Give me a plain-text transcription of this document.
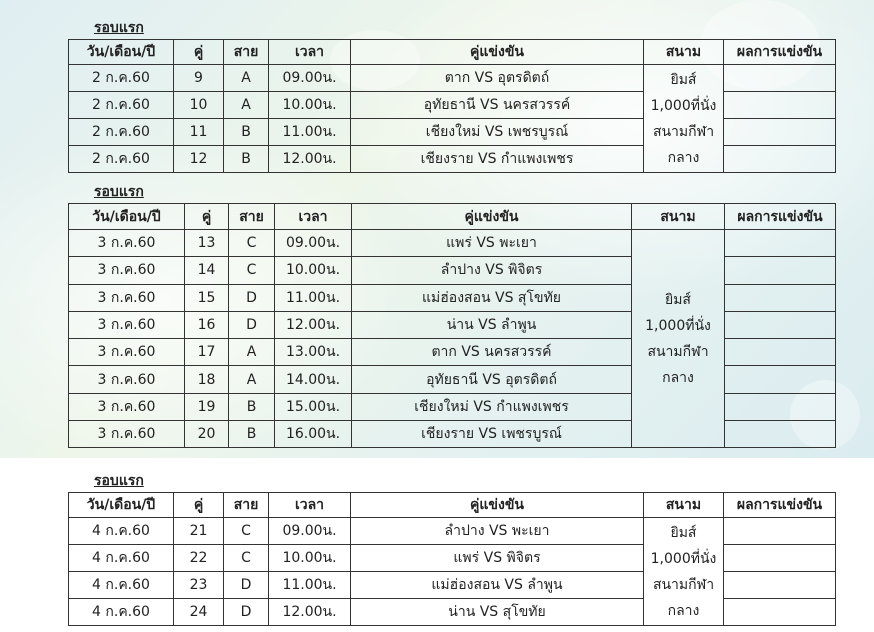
รอบแรก
วัน/เดือน/ปี	คู่	สาย	เวลา	คู่แข่งขัน	สนาม	ผลการแข่งขัน
2 ก.ค.60	9	A	09.00น.	ตาก VS อุตรดิตถ์	ยิมส์
1,000ที่นั่ง
สนามกีฬา
กลาง	

2 ก.ค.60	10	A	10.00น.	อุทัยธานี VS นครสวรรค์		
2 ก.ค.60	11	B	11.00น.	เชียงใหม่ VS เพชรบูรณ์		
2 ก.ค.60	12	B	12.00น.	เชียงราย VS กำแพงเพชร		
รอบแรก
วัน/เดือน/ปี	คู่	สาย	เวลา	คู่แข่งขัน	สนาม	ผลการแข่งขัน
3 ก.ค.60	13	C	09.00น.	แพร่ VS พะเยา	ยิมส์
1,000ที่นั่ง
สนามกีฬา
กลาง	

3 ก.ค.60	14	C	10.00น.	ลำปาง VS พิจิตร		
3 ก.ค.60	15	D	11.00น.	แม่ฮ่องสอน VS สุโขทัย		
3 ก.ค.60	16	D	12.00น.	น่าน VS ลำพูน		
3 ก.ค.60	17	A	13.00น.	ตาก VS นครสวรรค์		
3 ก.ค.60	18	A	14.00น.	อุทัยธานี VS อุตรดิตถ์		
3 ก.ค.60	19	B	15.00น.	เชียงใหม่ VS กำแพงเพชร		
3 ก.ค.60	20	B	16.00น.	เชียงราย VS เพชรบูรณ์		
รอบแรก
วัน/เดือน/ปี	คู่	สาย	เวลา	คู่แข่งขัน	สนาม	ผลการแข่งขัน
4 ก.ค.60	21	C	09.00น.	ลำปาง VS พะเยา	ยิมส์
1,000ที่นั่ง
สนามกีฬา
กลาง	

4 ก.ค.60	22	C	10.00น.	แพร่ VS พิจิตร		
4 ก.ค.60	23	D	11.00น.	แม่ฮ่องสอน VS ลำพูน		
4 ก.ค.60	24	D	12.00น.	น่าน VS สุโขทัย		
